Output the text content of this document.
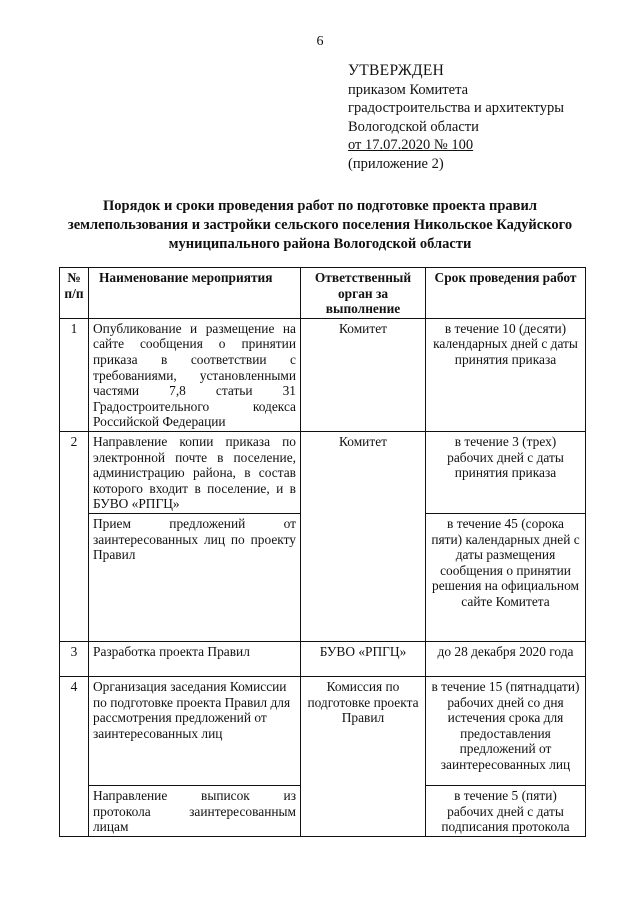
6
УТВЕРЖДЕН
приказом Комитета
градостроительства и архитектуры
Вологодской области
от 17.07.2020 № 100
(приложение 2)
Порядок и сроки проведения работ по подготовке проекта правил
землепользования и застройки сельского поселения Никольское Кадуйского
муниципального района Вологодской области
№ п/п	Наименование мероприятия	Ответственный орган за выполнение	Срок проведения работ
1	Опубликование и размещение на сайте сообщения о принятии приказа в соответствии с требованиями, установленными частями 7,8 статьи 31 Градостроительного кодекса Российской Федерации	Комитет	в течение 10 (десяти) календарных дней с даты принятия приказа
2	Направление копии приказа по электронной почте в поселение, администрацию района, в состав которого входит в поселение, и в БУВО «РПГЦ»	Комитет	в течение 3 (трех) рабочих дней с даты принятия приказа
	Прием предложений от заинтересованных лиц по проекту Правил		в течение 45 (сорока пяти) календарных дней с даты размещения сообщения о принятии решения на официальном сайте Комитета
3	Разработка проекта Правил	БУВО «РПГЦ»	до 28 декабря 2020 года
4	Организация заседания Комиссии по подготовке проекта Правил для рассмотрения предложений от заинтересованных лиц	Комиссия по подготовке проекта Правил	в течение 15 (пятнадцати) рабочих дней со дня истечения срока для предоставления предложений от заинтересованных лиц
	Направление выписок из протокола заинтересованным лицам		в течение 5 (пяти) рабочих дней с даты подписания протокола
